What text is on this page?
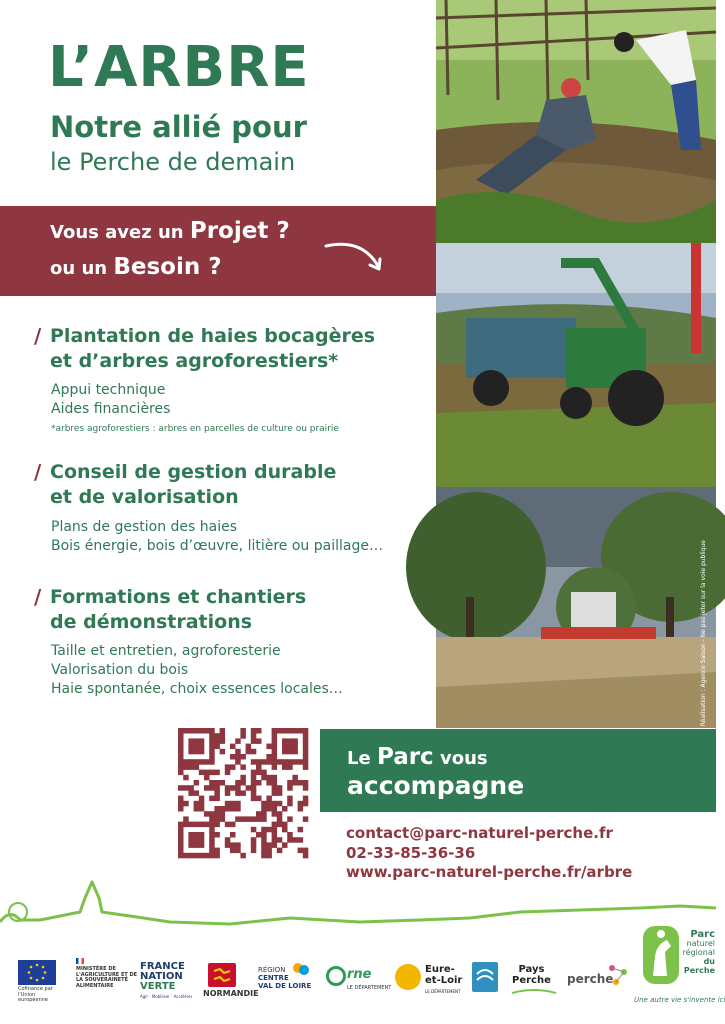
L’ARBRE
Notre allié pour
le Perche de demain
Vous avez un Projet ?
ou un Besoin ?
Réalisation : Agence Saison - Ne pas jeter sur la voie publique
/ Plantation de haies bocagères
et d’arbres agroforestiers*
Appui technique
Aides financières
*arbres agroforestiers : arbres en parcelles de culture ou prairie
/ Conseil de gestion durable
et de valorisation
Plans de gestion des haies
Bois énergie, bois d’œuvre, litière ou paillage…
/ Formations et chantiers
de démonstrations
Taille et entretien, agroforesterie
Valorisation du bois
Haie spontanée, choix essences locales…
Le Parc vous
accompagne
contact@parc-naturel-perche.fr
02-33-85-36-36
www.parc-naturel-perche.fr/arbre
Cofinancé par l'Union européenne
MINISTÈRE DE L'AGRICULTURE ET DE LA SOUVERAINETÉ ALIMENTAIRE
FRANCE
NATION
VERTE
Agir · Mobiliser · Accélérer NORMANDIE
RÉGION
CENTRE
VAL DE LOIRE
rne
LE DÉPARTEMENT
Eure-
et-Loir
LE DÉPARTEMENT
Pays
Perche perche
Parc
naturel
régional
du Perche
Une autre vie s'invente ici
